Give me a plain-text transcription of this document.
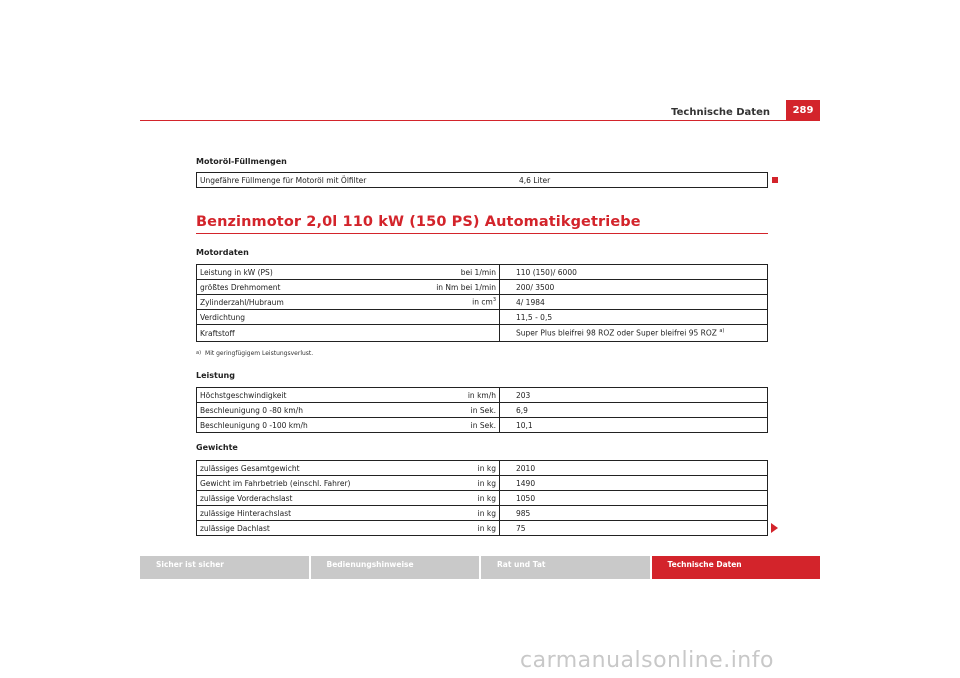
Technische Daten	289
Motoröl-Füllmengen
Ungefähre Füllmenge für Motoröl mit Ölfilter	4,6 Liter
Benzinmotor 2,0l 110 kW (150 PS) Automatikgetriebe
Motordaten
Leistung in kW (PS)	bei 1/min	110 (150)/ 6000
größtes Drehmoment	in Nm bei 1/min	200/ 3500
Zylinderzahl/Hubraum	in $cm^3$	4/ 1984
Verdichtung		11,5 - 0,5
Kraftstoff		Super Plus bleifrei 98 ROZ oder Super bleifrei 95 ROZ $^{a)}$
$^{a)}$ Mit geringfügigem Leistungsverlust.
Leistung
Höchstgeschwindigkeit	in km/h	203
Beschleunigung 0 -80 km/h	in Sek.	6,9
Beschleunigung 0 -100 km/h	in Sek.	10,1
Gewichte
zulässiges Gesamtgewicht	in kg	2010
Gewicht im Fahrbetrieb (einschl. Fahrer)	in kg	1490
zulässige Vorderachslast	in kg	1050
zulässige Hinterachslast	in kg	985
zulässige Dachlast	in kg	75
Sicher ist sicher	Bedienungshinweise	Rat und Tat	Technische Daten
carmanualsonline.info
